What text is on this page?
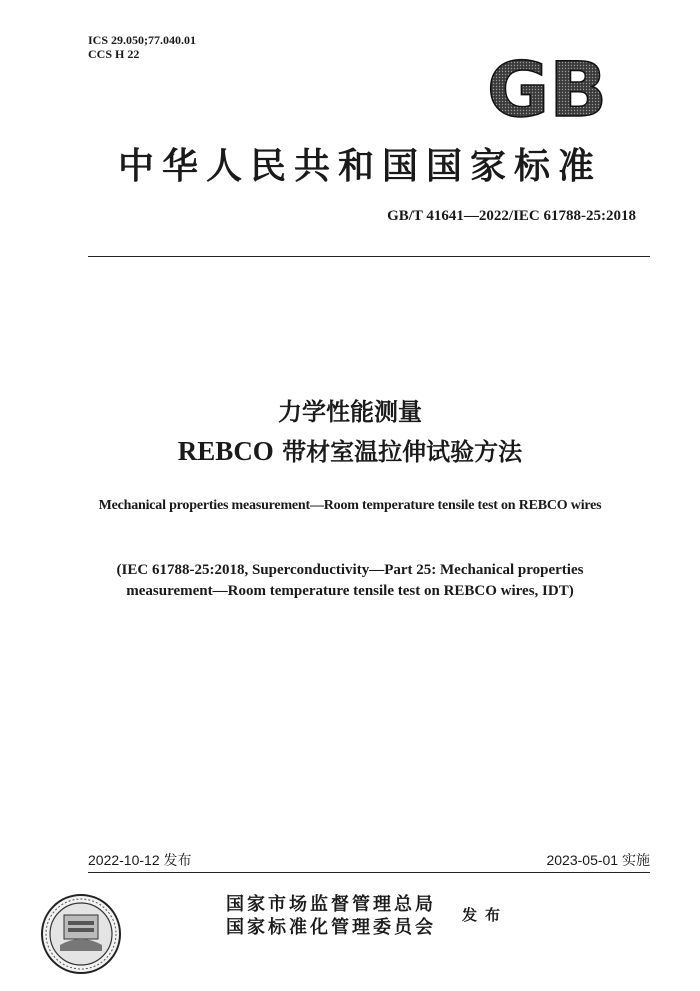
ICS 29.050;77.040.01
CCS H 22	GB
中华人民共和国国家标准
GB/T 41641—2022/IEC 61788-25:2018
力学性能测量
REBCO 带材室温拉伸试验方法
Mechanical properties measurement—Room temperature tensile test on REBCO wires
(IEC 61788-25:2018, Superconductivity—Part 25: Mechanical properties
measurement—Room temperature tensile test on REBCO wires, IDT)
2022-10-12 发布	2023-05-01 实施
国家市场监督管理总局
国家标准化管理委员会
发布
